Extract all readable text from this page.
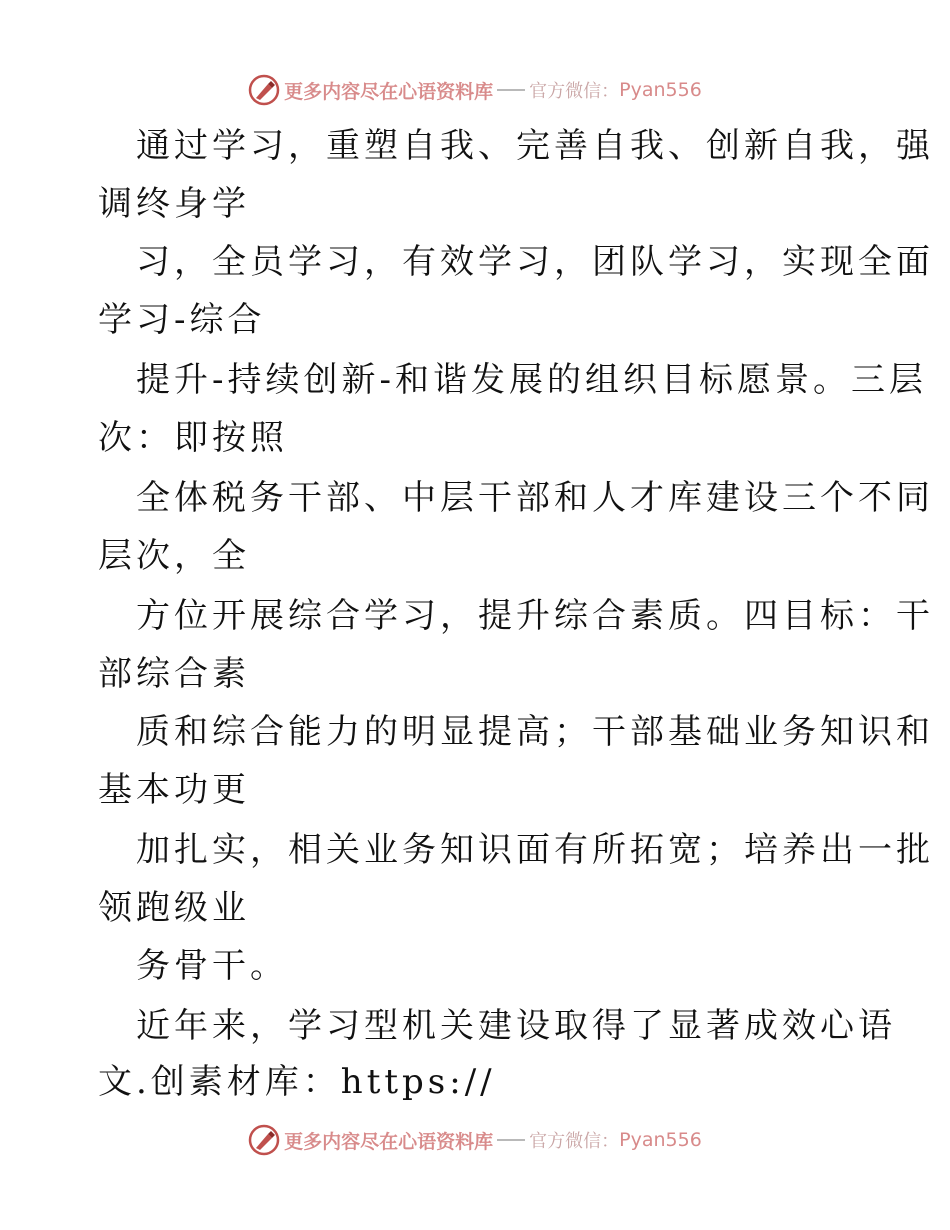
更多内容尽在心语资料库 官方微信： Pyan556
通过学习，重塑自我、完善自我、创新自我，强
调终身学
习，全员学习，有效学习，团队学习，实现全面
学习-综合
提升-持续创新-和谐发展的组织目标愿景。三层
次：即按照
全体税务干部、中层干部和人才库建设三个不同
层次，全
方位开展综合学习，提升综合素质。四目标：干
部综合素
质和综合能力的明显提高；干部基础业务知识和
基本功更
加扎实，相关业务知识面有所拓宽；培养出一批
领跑级业
务骨干。
近年来，学习型机关建设取得了显著成效心语
文.创素材库：https://
更多内容尽在心语资料库 官方微信： Pyan556
